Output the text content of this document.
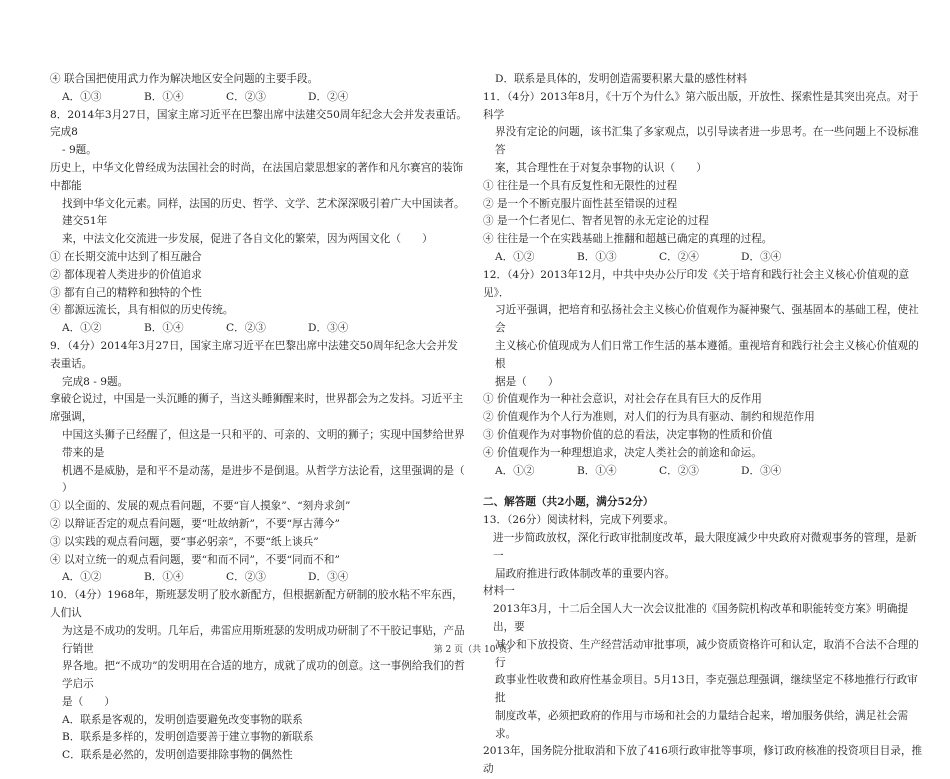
④ 联合国把使用武力作为解决地区安全问题的主要手段。
A．①③	B．①④	C．②③	D．②④
8．2014年3月27日，国家主席习近平在巴黎出席中法建交50周年纪念大会并发表重话。完成8
- 9题。
历史上，中华文化曾经成为法国社会的时尚，在法国启蒙思想家的著作和凡尔赛宫的装饰中都能
找到中华文化元素。同样，法国的历史、哲学、文学、艺术深深吸引着广大中国读者。建交51年
来，中法文化交流进一步发展，促进了各自文化的繁荣，因为两国文化（　　）
① 在长期交流中达到了相互融合
② 都体现着人类进步的价值追求
③ 都有自己的精粹和独特的个性
④ 都源远流长，具有相似的历史传统。
A．①②	B．①④	C．②③	D．③④
9．（4分）2014年3月27日，国家主席习近平在巴黎出席中法建交50周年纪念大会并发表重话。
完成8 - 9题。
拿破仑说过，中国是一头沉睡的狮子，当这头睡狮醒来时，世界都会为之发抖。习近平主席强调，
中国这头狮子已经醒了，但这是一只和平的、可亲的、文明的狮子；实现中国梦给世界带来的是
机遇不是威胁，是和平不是动荡，是进步不是倒退。从哲学方法论看，这里强调的是（　　）
① 以全面的、发展的观点看问题，不要“盲人摸象”、“刻舟求剑”
② 以辩证否定的观点看问题，要“吐故纳新”，不要“厚古薄今”
③ 以实践的观点看问题，要“事必躬亲”，不要“纸上谈兵”
④ 以对立统一的观点看问题，要“和而不同”，不要“同而不和”
A．①②	B．①④	C．②③	D．③④
10．（4分）1968年，斯班瑟发明了胶水新配方，但根据新配方研制的胶水粘不牢东西，人们认
为这是不成功的发明。几年后，弗雷应用斯班瑟的发明成功研制了不干胶记事贴，产品行销世
界各地。把“不成功”的发明用在合适的地方，成就了成功的创意。这一事例给我们的哲学启示
是（　　）
A．联系是客观的，发明创造要避免改变事物的联系
B．联系是多样的，发明创造要善于建立事物的新联系
C．联系是必然的，发明创造要排除事物的偶然性
D．联系是具体的，发明创造需要积累大量的感性材料
11．（4分）2013年8月，《十万个为什么》第六版出版，开放性、探索性是其突出亮点。对于科学
界没有定论的问题，该书汇集了多家观点，以引导读者进一步思考。在一些问题上不设标准答
案，其合理性在于对复杂事物的认识（　　）
① 往往是一个具有反复性和无限性的过程
② 是一个不断克服片面性甚至错误的过程
③ 是一个仁者见仁、智者见智的永无定论的过程
④ 往往是一个在实践基础上推翻和超越已确定的真理的过程。
A．①②	B．①③	C．②④	D．③④
12．（4分）2013年12月，中共中央办公厅印发《关于培育和践行社会主义核心价值观的意见》．
习近平强调，把培育和弘扬社会主义核心价值观作为凝神聚气、强基固本的基础工程，使社会
主义核心价值现成为人们日常工作生活的基本遵循。重视培育和践行社会主义核心价值观的根
据是（　　）
① 价值观作为一种社会意识，对社会存在具有巨大的反作用
② 价值观作为个人行为准则，对人们的行为具有驱动、制约和规范作用
③ 价值观作为对事物价值的总的看法，决定事物的性质和价值
④ 价值观作为一种理想追求，决定人类社会的前途和命运。
A．①②	B．①④	C．②③	D．③④
二、解答题（共2小题，满分52分）
13．（26分）阅读材料，完成下列要求。
进一步简政放权，深化行政审批制度改革，最大限度减少中央政府对微观事务的管理，是新一
届政府推进行政体制改革的重要内容。
材料一
2013年3月，十二后全国人大一次会议批准的《国务院机构改革和职能转变方案》明确提出，要
减少和下放投资、生产经营活动审批事项，减少资质资格许可和认定，取消不合法不合理的行
政事业性收费和政府性基金项目。5月13日，李克强总理强调，继续坚定不移地推行行政审批
制度改革，必须把政府的作用与市场和社会的力量结合起来，增加服务供给，满足社会需求。
2013年，国务院分批取消和下放了416项行政审批等事项，修订政府核准的投资项目目录，推动
第 2 页（共 10 页）
